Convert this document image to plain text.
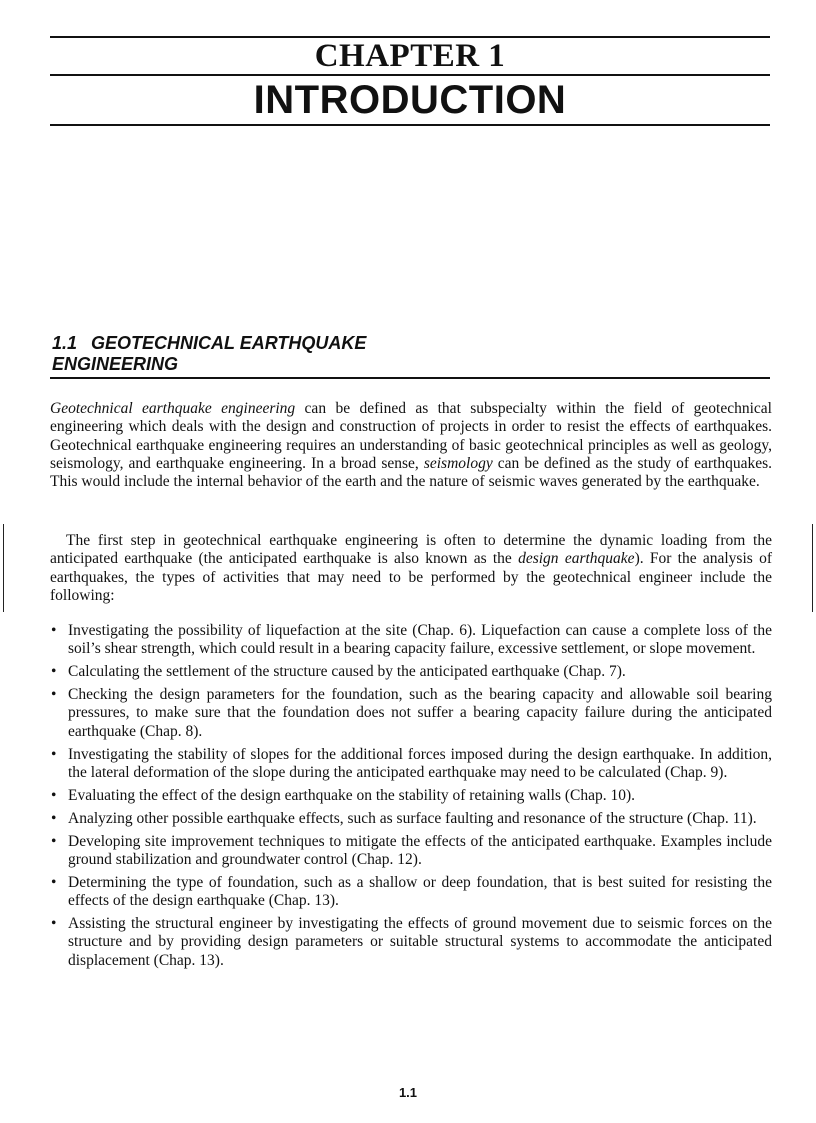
CHAPTER 1
INTRODUCTION
1.1 GEOTECHNICAL EARTHQUAKE
ENGINEERING
Geotechnical earthquake engineering can be defined as that subspecialty within the field of geotechnical engineering which deals with the design and construction of projects in order to resist the effects of earthquakes. Geotechnical earthquake engineering requires an understanding of basic geotechnical principles as well as geology, seismology, and earthquake engineering. In a broad sense, seismology can be defined as the study of earthquakes. This would include the internal behavior of the earth and the nature of seismic waves generated by the earthquake.
The first step in geotechnical earthquake engineering is often to determine the dynamic loading from the anticipated earthquake (the anticipated earthquake is also known as the design earthquake). For the analysis of earthquakes, the types of activities that may need to be performed by the geotechnical engineer include the following:
• Investigating the possibility of liquefaction at the site (Chap. 6). Liquefaction can cause a complete loss of the soil’s shear strength, which could result in a bearing capacity failure, excessive settlement, or slope movement.
• Calculating the settlement of the structure caused by the anticipated earthquake (Chap. 7).
• Checking the design parameters for the foundation, such as the bearing capacity and allowable soil bearing pressures, to make sure that the foundation does not suffer a bearing capacity failure during the anticipated earthquake (Chap. 8).
• Investigating the stability of slopes for the additional forces imposed during the design earthquake. In addition, the lateral deformation of the slope during the anticipated earthquake may need to be calculated (Chap. 9).
• Evaluating the effect of the design earthquake on the stability of retaining walls (Chap. 10).
• Analyzing other possible earthquake effects, such as surface faulting and resonance of the structure (Chap. 11).
• Developing site improvement techniques to mitigate the effects of the anticipated earthquake. Examples include ground stabilization and groundwater control (Chap. 12).
• Determining the type of foundation, such as a shallow or deep foundation, that is best suited for resisting the effects of the design earthquake (Chap. 13).
• Assisting the structural engineer by investigating the effects of ground movement due to seismic forces on the structure and by providing design parameters or suitable structural systems to accommodate the anticipated displacement (Chap. 13).
1.1
